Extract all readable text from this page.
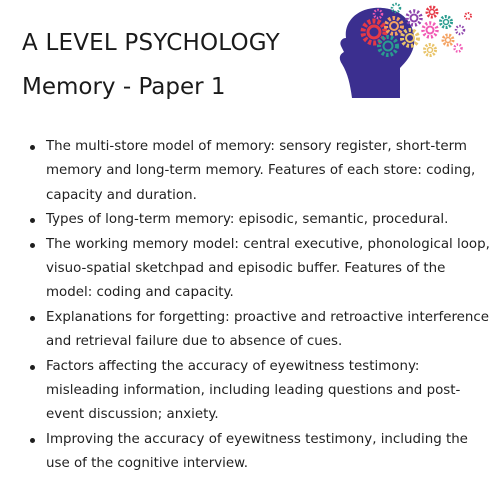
A LEVEL PSYCHOLOGY
Memory - Paper 1
The multi-store model of memory: sensory register, short-term memory and long-term memory. Features of each store: coding, capacity and duration.
Types of long-term memory: episodic, semantic, procedural.
The working memory model: central executive, phonological loop, visuo-spatial sketchpad and episodic buffer. Features of the model: coding and capacity.
Explanations for forgetting: proactive and retroactive interference and retrieval failure due to absence of cues.
Factors affecting the accuracy of eyewitness testimony: misleading information, including leading questions and post-event discussion; anxiety.
Improving the accuracy of eyewitness testimony, including the use of the cognitive interview.
